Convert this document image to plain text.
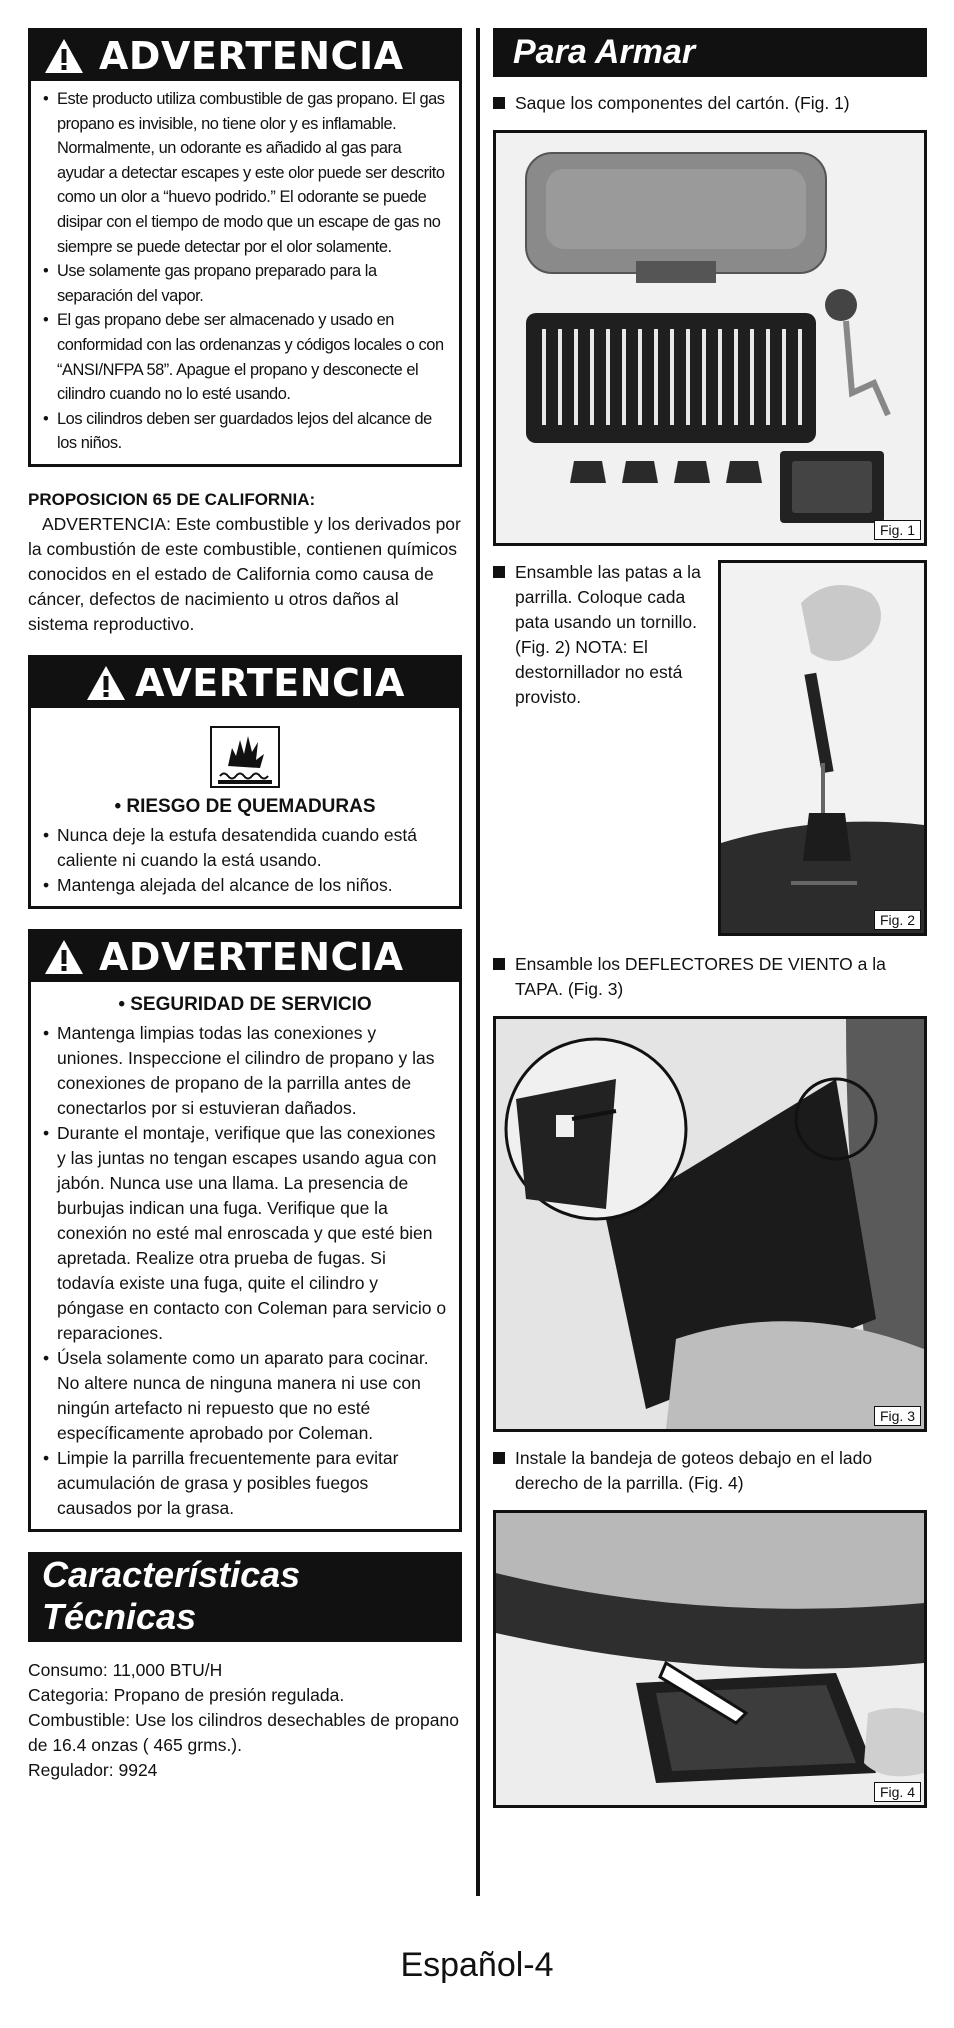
ADVERTENCIA
• Este producto utiliza combustible de gas propano. El gas propano es invisible, no tiene olor y es inflamable. Normalmente, un odorante es añadido al gas para ayudar a detectar escapes y este olor puede ser descrito como un olor a “huevo podrido.” El odorante se puede disipar con el tiempo de modo que un escape de gas no siempre se puede detectar por el olor solamente.
• Use solamente gas propano preparado para la separación del vapor.
• El gas propano debe ser almacenado y usado en conformidad con las ordenanzas y códigos locales o con “ANSI/NFPA 58”. Apague el propano y desconecte el cilindro cuando no lo esté usando.
• Los cilindros deben ser guardados lejos del alcance de los niños.
PROPOSICION 65 DE CALIFORNIA:
ADVERTENCIA: Este combustible y los derivados por la combustión de este combustible, contienen químicos conocidos en el estado de California como causa de cáncer, defectos de nacimiento u otros daños al sistema reproductivo.
AVERTENCIA
• RIESGO DE QUEMADURAS
• Nunca deje la estufa desatendida cuando está caliente ni cuando la está usando.
• Mantenga alejada del alcance de los niños.
ADVERTENCIA
• SEGURIDAD DE SERVICIO
• Mantenga limpias todas las conexiones y uniones. Inspeccione el cilindro de propano y las conexiones de propano de la parrilla antes de conectarlos por si estuvieran dañados.
• Durante el montaje, verifique que las conexiones y las juntas no tengan escapes usando agua con jabón. Nunca use una llama. La presencia de burbujas indican una fuga. Verifique que la conexión no esté mal enroscada y que esté bien apretada. Realize otra prueba de fugas. Si todavía existe una fuga, quite el cilindro y póngase en contacto con Coleman para servicio o reparaciones.
• Úsela solamente como un aparato para cocinar. No altere nunca de ninguna manera ni use con ningún artefacto ni repuesto que no esté específicamente aprobado por Coleman.
• Limpie la parrilla frecuentemente para evitar acumulación de grasa y posibles fuegos causados por la grasa.
Características
Técnicas
Consumo: 11,000 BTU/H
Categoria: Propano de presión regulada.
Combustible: Use los cilindros desechables de propano de 16.4 onzas ( 465 grms.).
Regulador: 9924
Para Armar
Saque los componentes del cartón. (Fig. 1)
Fig. 1
Ensamble las patas a la parrilla. Coloque cada pata usando un tornillo. (Fig. 2) NOTA: El destornillador no está provisto.
Fig. 2
Ensamble los DEFLECTORES DE VIENTO a la TAPA. (Fig. 3)
Fig. 3
Instale la bandeja de goteos debajo en el lado derecho de la parrilla. (Fig. 4)
Fig. 4
Español-4
